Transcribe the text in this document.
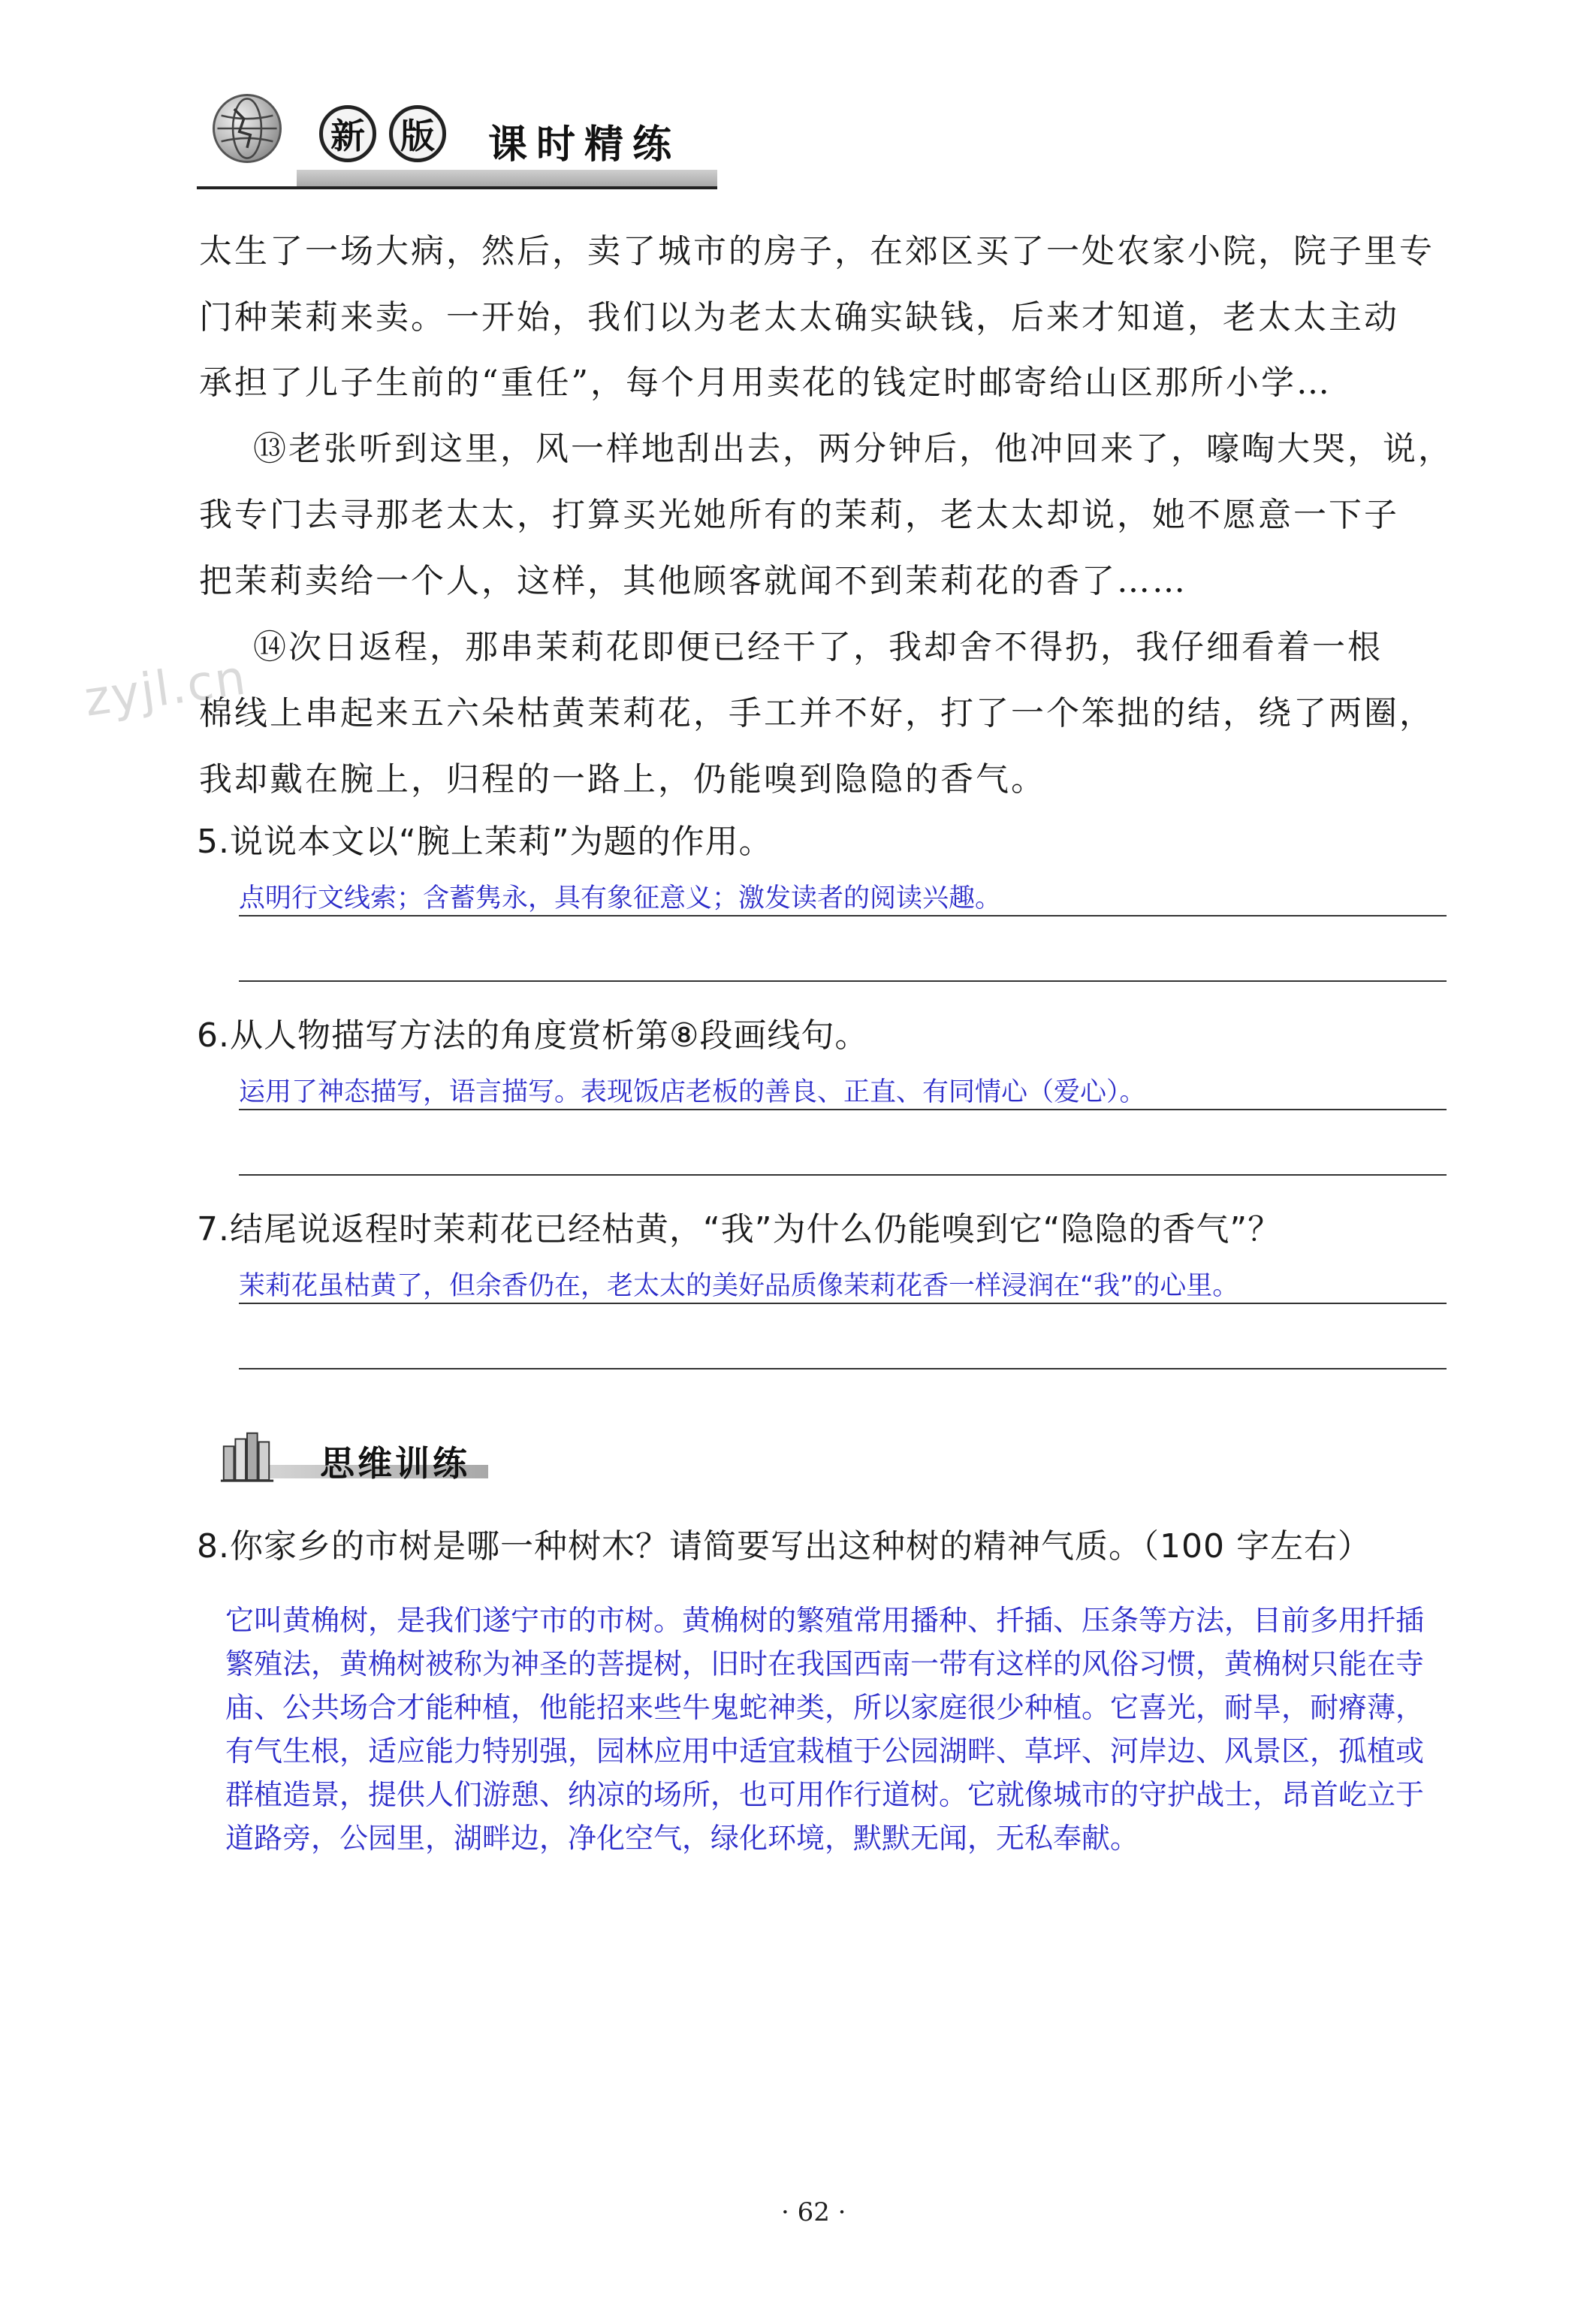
新	版 课时精练
太生了一场大病，然后，卖了城市的房子，在郊区买了一处农家小院，院子里专
门种茉莉来卖。一开始，我们以为老太太确实缺钱，后来才知道，老太太主动
承担了儿子生前的“重任”，每个月用卖花的钱定时邮寄给山区那所小学…
⑬老张听到这里，风一样地刮出去，两分钟后，他冲回来了，嚎啕大哭，说，
我专门去寻那老太太，打算买光她所有的茉莉，老太太却说，她不愿意一下子
把茉莉卖给一个人，这样，其他顾客就闻不到茉莉花的香了……
⑭次日返程，那串茉莉花即便已经干了，我却舍不得扔，我仔细看着一根
棉线上串起来五六朵枯黄茉莉花，手工并不好，打了一个笨拙的结，绕了两圈，
我却戴在腕上，归程的一路上，仍能嗅到隐隐的香气。
zyjl.cn
5.说说本文以“腕上茉莉”为题的作用。
点明行文线索；含蓄隽永，具有象征意义；激发读者的阅读兴趣。
6.从人物描写方法的角度赏析第⑧段画线句。
运用了神态描写，语言描写。表现饭店老板的善良、正直、有同情心（爱心）。
7.结尾说返程时茉莉花已经枯黄，“我”为什么仍能嗅到它“隐隐的香气”？
茉莉花虽枯黄了，但余香仍在，老太太的美好品质像茉莉花香一样浸润在“我”的心里。
思维训练
8.你家乡的市树是哪一种树木？请简要写出这种树的精神气质。（100 字左右）
它叫黄桷树，是我们遂宁市的市树。黄桷树的繁殖常用播种、扦插、压条等方法，目前多用扦插
繁殖法，黄桷树被称为神圣的菩提树，旧时在我国西南一带有这样的风俗习惯，黄桷树只能在寺
庙、公共场合才能种植，他能招来些牛鬼蛇神类，所以家庭很少种植。它喜光，耐旱，耐瘠薄，
有气生根，适应能力特别强，园林应用中适宜栽植于公园湖畔、草坪、河岸边、风景区，孤植或
群植造景，提供人们游憩、纳凉的场所，也可用作行道树。它就像城市的守护战士，昂首屹立于
道路旁，公园里，湖畔边，净化空气，绿化环境，默默无闻，无私奉献。
· 62 ·
